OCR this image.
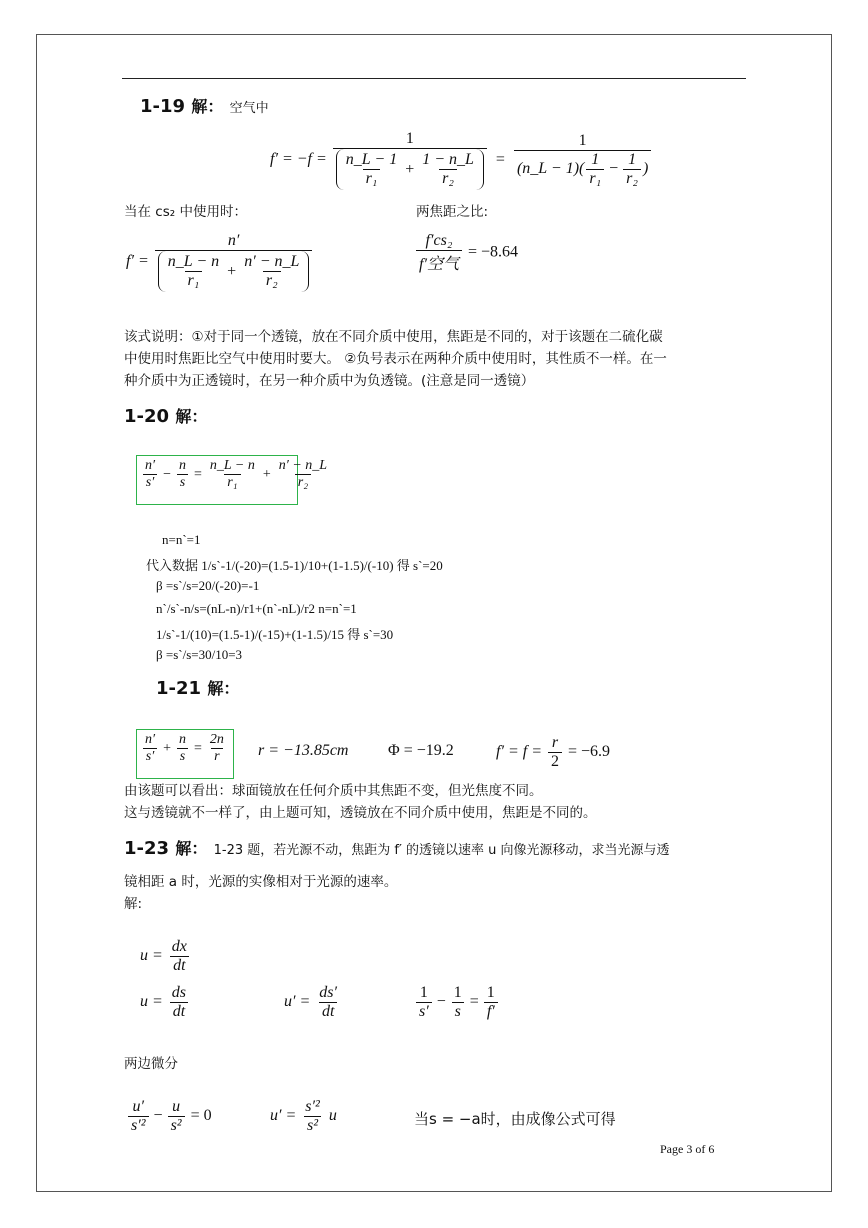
1-19 解： 空气中
$f' = -f = \frac{1}{\frac{n\_L - 1}{\text{r₁}} + \frac{1 - n\_L}{\text{r₂}}} = \frac{1}{(n\_L - 1)( \frac{1}{\text{r₁}} - \frac{1}{\text{r₂}} )}$
当在 cs₂ 中使用时：	两焦距之比:
$f' = \frac{n'}{\frac{n\_L - n}{\text{r₁}} + \frac{n' - n\_L}{\text{r₂}}}$	$\frac{\text{f′cs₂}}{\text{f′空气}} = -8.64$
该式说明：①对于同一个透镜，放在不同介质中使用，焦距是不同的，对于该题在二硫化碳
中使用时焦距比空气中使用时要大。 ②负号表示在两种介质中使用时，其性质不一样。在一
种介质中为正透镜时，在另一种介质中为负透镜。(注意是同一透镜）
1-20 解：
$\frac{n'}{s'} - \frac{n}{s} = \frac{n\_L - n}{\text{r₁}} + \frac{n' - n\_L}{\text{r₂}}$
n=n`=1
代入数据 1/s`-1/(-20)=(1.5-1)/10+(1-1.5)/(-10) 得 s`=20
β =s`/s=20/(-20)=-1
n`/s`-n/s=(nL-n)/r1+(n`-nL)/r2 n=n`=1
1/s`-1/(10)=(1.5-1)/(-15)+(1-1.5)/15 得 s`=30
β =s`/s=30/10=3
1-21 解：
$\frac{n'}{s'} + \frac{n}{s} = \frac{2n}{r}$ r = −13.85cm Φ = −19.2	$f' = f = \frac{r}{2} = -6.9$
由该题可以看出：球面镜放在任何介质中其焦距不变，但光焦度不同。
这与透镜就不一样了，由上题可知，透镜放在不同介质中使用，焦距是不同的。
1-23 解： 1-23 题，若光源不动，焦距为 f′ 的透镜以速率 u 向像光源移动，求当光源与透
镜相距 a 时，光源的实像相对于光源的速率。
解:
$u = \frac{dx}{dt}$
$u = \frac{ds}{dt}$	$u' = \frac{ds'}{dt}$	$\frac{1}{s'} - \frac{1}{s} = \frac{1}{f'}$
两边微分
$\frac{u'}{\text{s′²}} - \frac{u}{\text{s²}} = 0$	$u' = \frac{\text{s′²}}{\text{s²}}$ u	当s = −a时，由成像公式可得
Page 3 of 6
